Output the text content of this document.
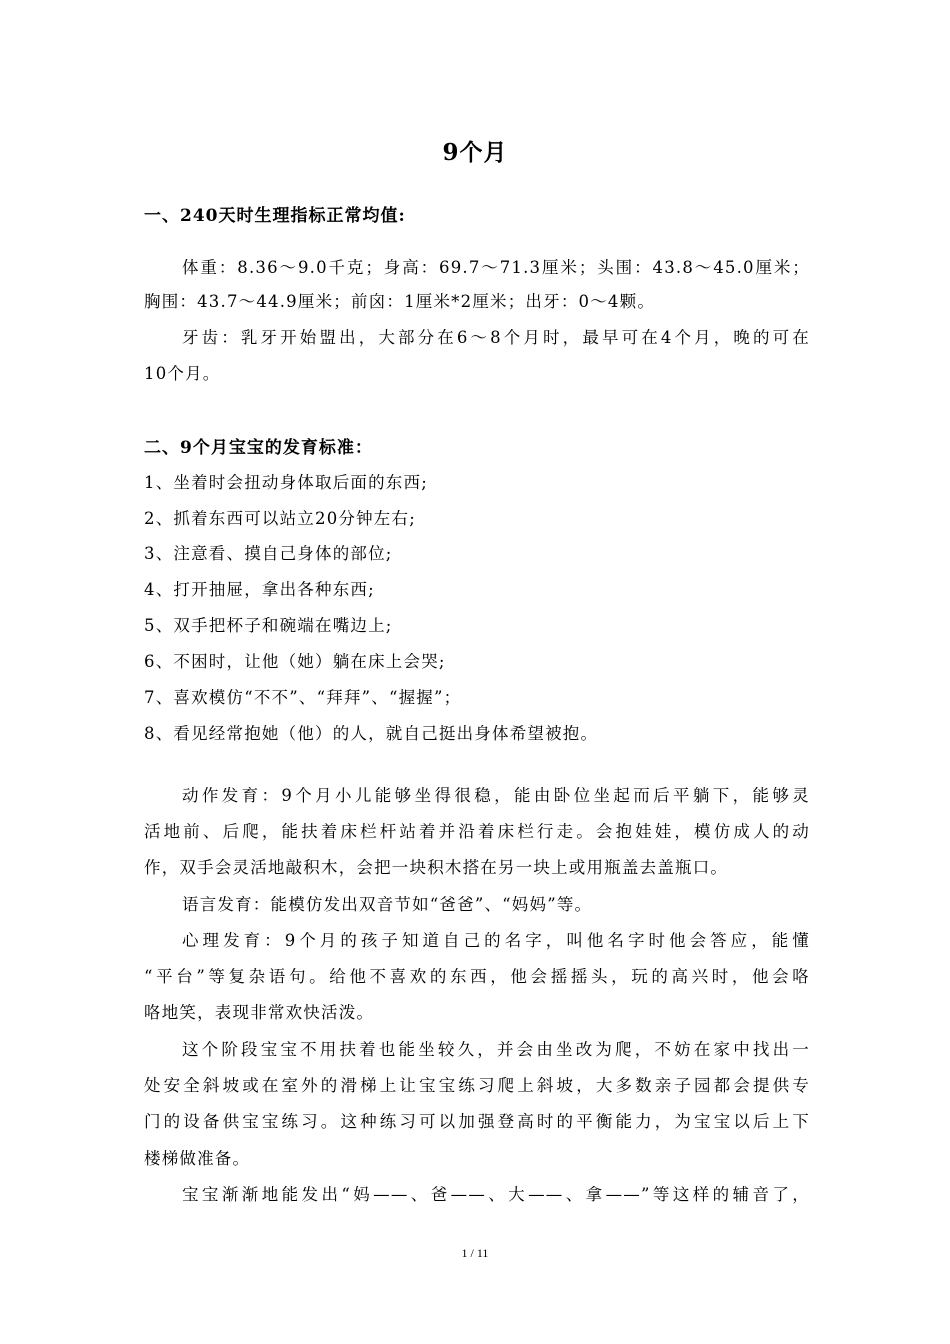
9个月
一、240天时生理指标正常均值:
体重：8.36～9.0千克；身高：69.7～71.3厘米；头围：43.8～45.0厘米；
胸围：43.7～44.9厘米；前囟：1厘米*2厘米；出牙：0～4颗。
牙齿：乳牙开始盟出，大部分在6～8个月时，最早可在4个月，晚的可在
10个月。
二、9个月宝宝的发育标准：
1、坐着时会扭动身体取后面的东西;
2、抓着东西可以站立20分钟左右;
3、注意看、摸自己身体的部位;
4、打开抽屉，拿出各种东西;
5、双手把杯子和碗端在嘴边上;
6、不困时，让他（她）躺在床上会哭;
7、喜欢模仿“不不”、“拜拜”、“握握”；
8、看见经常抱她（他）的人，就自己挺出身体希望被抱。
动作发育：9个月小儿能够坐得很稳，能由卧位坐起而后平躺下，能够灵
活地前、后爬，能扶着床栏杆站着并沿着床栏行走。会抱娃娃，模仿成人的动
作，双手会灵活地敲积木，会把一块积木搭在另一块上或用瓶盖去盖瓶口。
语言发育：能模仿发出双音节如“爸爸”、“妈妈”等。
心理发育：9个月的孩子知道自己的名字，叫他名字时他会答应，能懂
“平台”等复杂语句。给他不喜欢的东西，他会摇摇头，玩的高兴时，他会咯
咯地笑，表现非常欢快活泼。
这个阶段宝宝不用扶着也能坐较久，并会由坐改为爬，不妨在家中找出一
处安全斜坡或在室外的滑梯上让宝宝练习爬上斜坡，大多数亲子园都会提供专
门的设备供宝宝练习。这种练习可以加强登高时的平衡能力，为宝宝以后上下
楼梯做准备。
宝宝渐渐地能发出“妈——、爸——、大——、拿——”等这样的辅音了，
1 / 11
